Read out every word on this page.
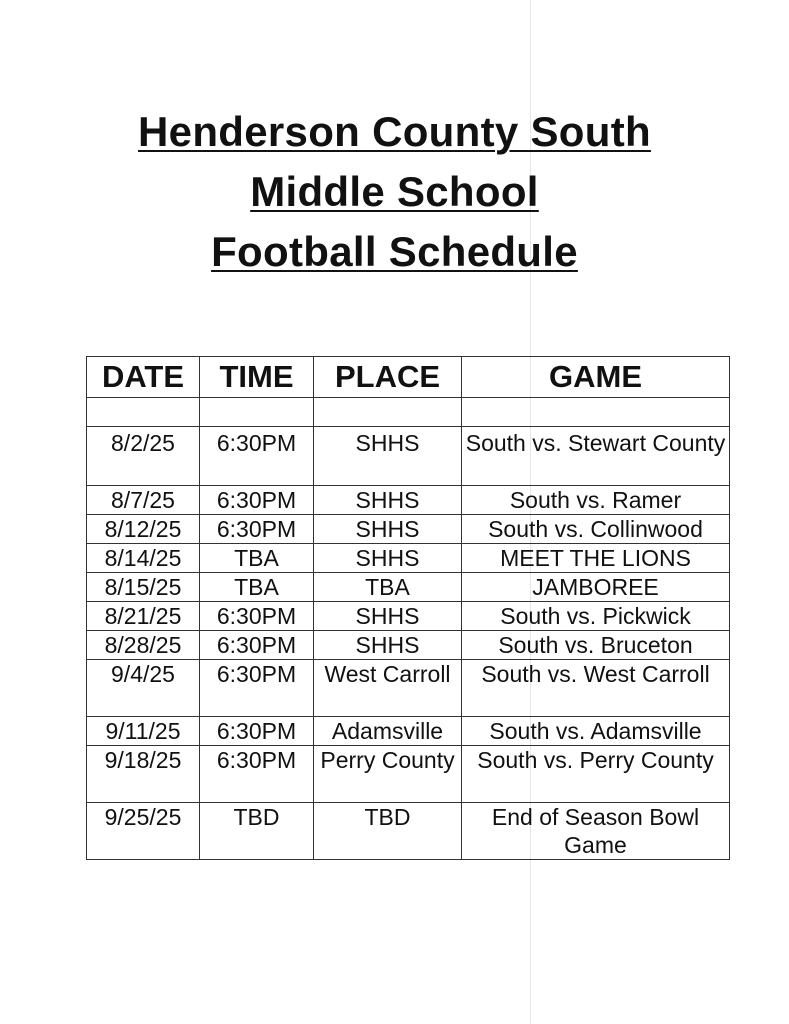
Henderson County South
Middle School
Football Schedule
DATE	TIME	PLACE	GAME

8/2/25	6:30PM	SHHS	South vs. Stewart County
8/7/25	6:30PM	SHHS	South vs. Ramer
8/12/25	6:30PM	SHHS	South vs. Collinwood
8/14/25	TBA	SHHS	MEET THE LIONS
8/15/25	TBA	TBA	JAMBOREE
8/21/25	6:30PM	SHHS	South vs. Pickwick
8/28/25	6:30PM	SHHS	South vs. Bruceton
9/4/25	6:30PM	West Carroll	South vs. West Carroll
9/11/25	6:30PM	Adamsville	South vs. Adamsville
9/18/25	6:30PM	Perry County	South vs. Perry County
9/25/25	TBD	TBD	End of Season Bowl Game
